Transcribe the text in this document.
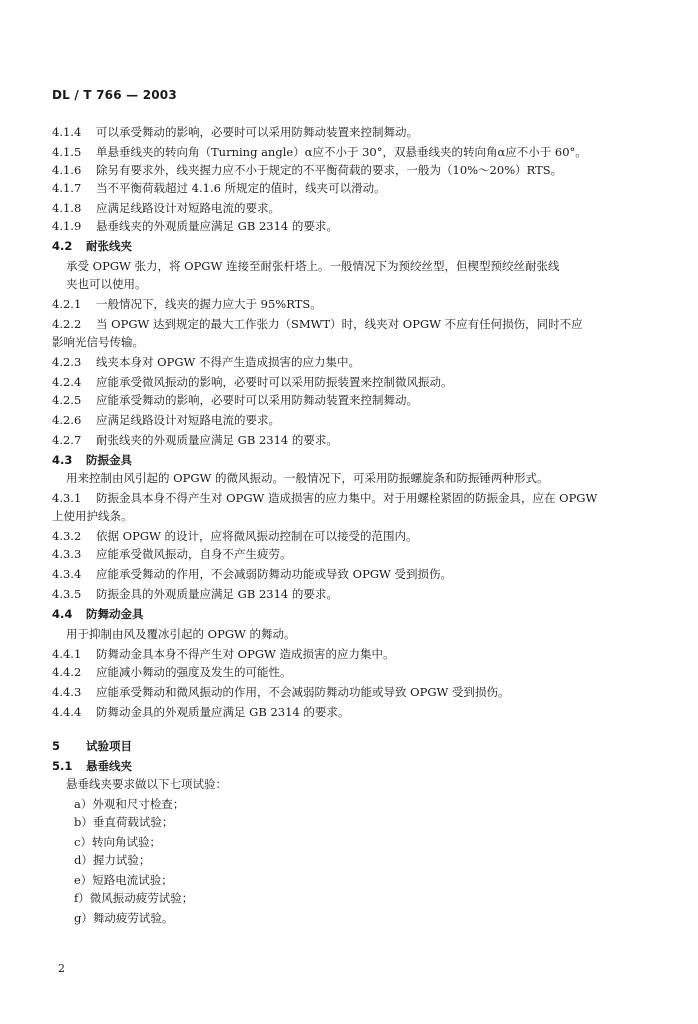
DL / T 766 — 2003
4.1.4 可以承受舞动的影响，必要时可以采用防舞动装置来控制舞动。
4.1.5 单悬垂线夹的转向角（Turning angle）α应不小于 30°，双悬垂线夹的转向角α应不小于 60°。
4.1.6 除另有要求外，线夹握力应不小于规定的不平衡荷载的要求，一般为（10%～20%）RTS。
4.1.7 当不平衡荷载超过 4.1.6 所规定的值时，线夹可以滑动。
4.1.8 应满足线路设计对短路电流的要求。
4.1.9 悬垂线夹的外观质量应满足 GB 2314 的要求。
4.2 耐张线夹
承受 OPGW 张力，将 OPGW 连接至耐张杆塔上。一般情况下为预绞丝型，但楔型预绞丝耐张线
夹也可以使用。
4.2.1 一般情况下，线夹的握力应大于 95%RTS。
4.2.2 当 OPGW 达到规定的最大工作张力（SMWT）时，线夹对 OPGW 不应有任何损伤，同时不应
影响光信号传输。
4.2.3 线夹本身对 OPGW 不得产生造成损害的应力集中。
4.2.4 应能承受微风振动的影响，必要时可以采用防振装置来控制微风振动。
4.2.5 应能承受舞动的影响，必要时可以采用防舞动装置来控制舞动。
4.2.6 应满足线路设计对短路电流的要求。
4.2.7 耐张线夹的外观质量应满足 GB 2314 的要求。
4.3 防振金具
用来控制由风引起的 OPGW 的微风振动。一般情况下，可采用防振螺旋条和防振锤两种形式。
4.3.1 防振金具本身不得产生对 OPGW 造成损害的应力集中。对于用螺栓紧固的防振金具，应在 OPGW
上使用护线条。
4.3.2 依据 OPGW 的设计，应将微风振动控制在可以接受的范围内。
4.3.3 应能承受微风振动，自身不产生疲劳。
4.3.4 应能承受舞动的作用，不会减弱防舞动功能或导致 OPGW 受到损伤。
4.3.5 防振金具的外观质量应满足 GB 2314 的要求。
4.4 防舞动金具
用于抑制由风及覆冰引起的 OPGW 的舞动。
4.4.1 防舞动金具本身不得产生对 OPGW 造成损害的应力集中。
4.4.2 应能减小舞动的强度及发生的可能性。
4.4.3 应能承受舞动和微风振动的作用，不会减弱防舞动功能或导致 OPGW 受到损伤。
4.4.4 防舞动金具的外观质量应满足 GB 2314 的要求。
5 试验项目
5.1 悬垂线夹
悬垂线夹要求做以下七项试验：
a）外观和尺寸检查；
b）垂直荷载试验；
c）转向角试验；
d）握力试验；
e）短路电流试验；
f）微风振动疲劳试验；
g）舞动疲劳试验。
2
